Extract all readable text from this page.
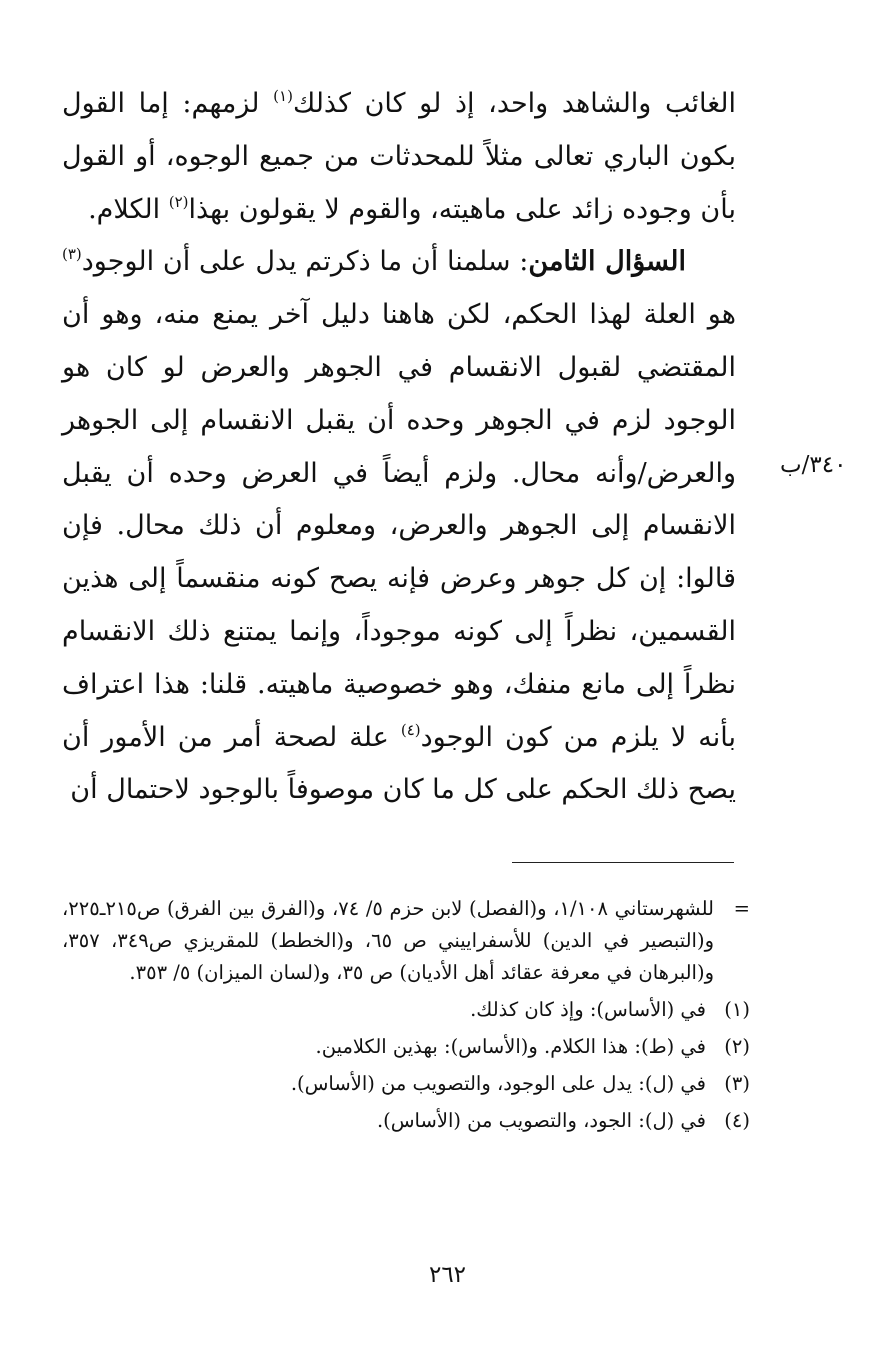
الغائب والشاهد واحد، إذ لو كان كذلك$^{(١)}$ لزمهم: إما القول بكون الباري تعالى مثلاً للمحدثات من جميع الوجوه، أو القول بأن وجوده زائد على ماهيته، والقوم لا يقولون بهذا$^{(٢)}$ الكلام.

السؤال الثامن: سلمنا أن ما ذكرتم يدل على أن الوجود$^{(٣)}$ هو العلة لهذا الحكم، لكن هاهنا دليل آخر يمنع منه، وهو أن المقتضي لقبول الانقسام في الجوهر والعرض لو كان هو الوجود لزم في الجوهر وحده أن يقبل الانقسام إلى الجوهر والعرض/وأنه محال. ولزم أيضاً في العرض وحده أن يقبل الانقسام إلى الجوهر والعرض، ومعلوم أن ذلك محال. فإن قالوا: إن كل جوهر وعرض فإنه يصح كونه منقسماً إلى هذين القسمين، نظراً إلى كونه موجوداً، وإنما يمتنع ذلك الانقسام نظراً إلى مانع منفك، وهو خصوصية ماهيته. قلنا: هذا اعتراف بأنه لا يلزم من كون الوجود$^{(٤)}$ علة لصحة أمر من الأمور أن يصح ذلك الحكم على كل ما كان موصوفاً بالوجود لاحتمال أن

٣٤٠/ب
=
للشهرستاني ١/١٠٨، و(الفصل) لابن حزم ٥/ ٧٤، و(الفرق بين الفرق) ص٢١٥ـ٢٢٥، و(التبصير في الدين) للأسفراييني ص ٦٥، و(الخطط) للمقريزي ص٣٤٩، ٣٥٧، و(البرهان في معرفة عقائد أهل الأديان) ص ٣٥، و(لسان الميزان) ٥/ ٣٥٣.
(١)
في (الأساس): وإذ كان كذلك.
(٢)
في (ط): هذا الكلام. و(الأساس): بهذين الكلامين.
(٣)
في (ل): يدل على الوجود، والتصويب من (الأساس).
(٤)
في (ل): الجود، والتصويب من (الأساس).
٢٦٢
